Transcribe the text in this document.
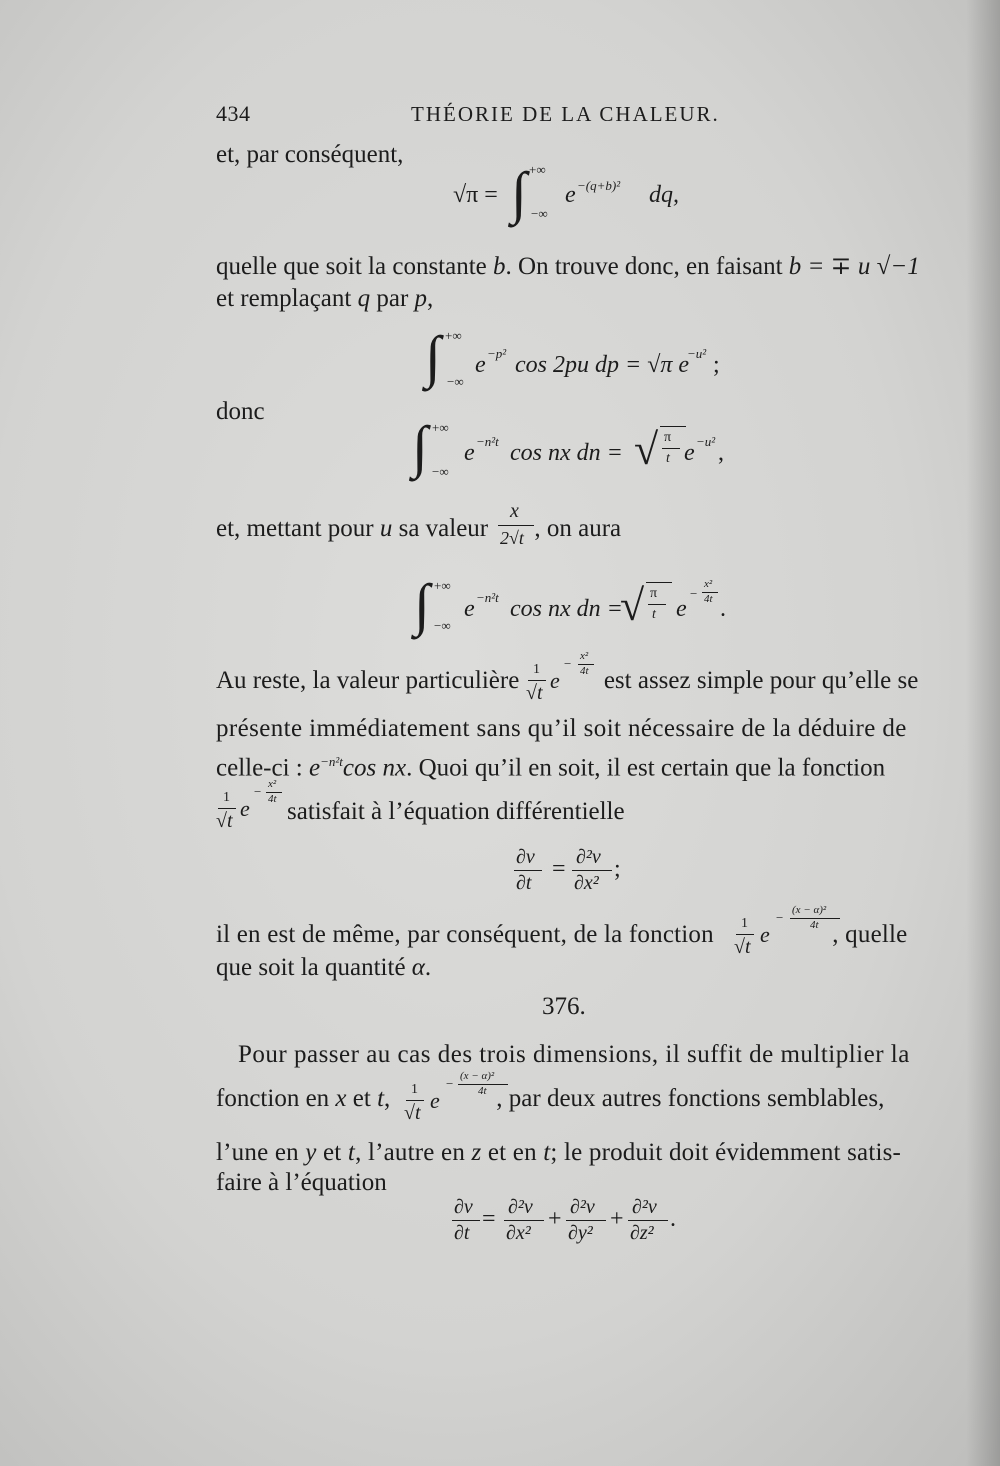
434	THÉORIE DE LA CHALEUR.
et, par conséquent,
√π = ∫ +∞
−∞
e −(q+b)² dq,
quelle que soit la constante b. On trouve donc, en faisant b = ∓ u √−1
et remplaçant q par p,
∫ +∞
−∞
e −p² cos 2pu dp = √π e
−u² ;
donc
∫ +∞
−∞
e −n²t cos nx dn = √ π
t e −u² ,
et, mettant pour u sa valeur , on aura
x
2√t
∫ +∞
−∞
e −n²t cos nx dn =
√ π
t e
−
x²
4t .
Au reste, la valeur particulière	est assez simple pour qu’elle se
1
√t e
− x²
4t
présente immédiatement sans qu’il soit nécessaire de la déduire de
celle-ci : $e^{-n^2t}\cos$ nx. Quoi qu’il en soit, il est certain que la fonction
1
√t e
− x²
4t satisfait à l’équation différentielle
∂v
∂t
= ∂²v
∂x²
;
il en est de même, par conséquent, de la fonction	, quelle
1
√t e
− (x − α)²
4t
que soit la quantité α.
376.
Pour passer au cas des trois dimensions, il suffit de multiplier la
fonction en x et t,	, par deux autres fonctions semblables,
1
√t e
− (x − α)²
4t
l’une en y et t, l’autre en z et en t; le produit doit évidemment satis-
faire à l’équation
∂v
∂t
= ∂²v
∂x²
+ ∂²v
∂y²
+ ∂²v
∂z²
.
